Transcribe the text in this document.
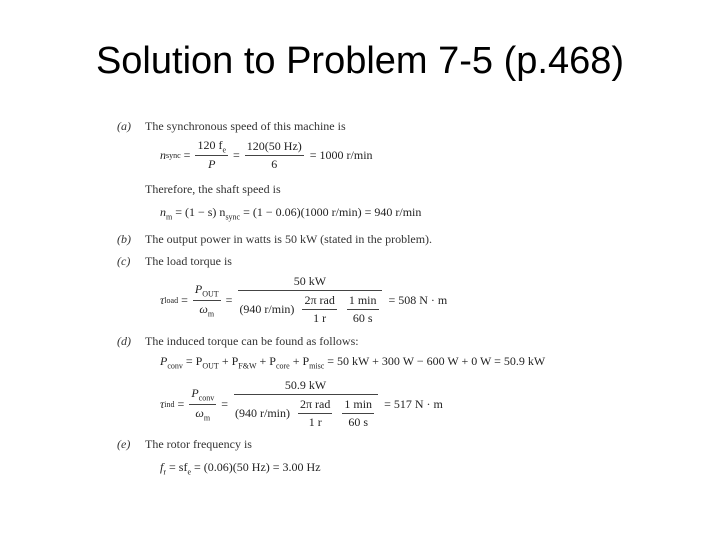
Solution to Problem 7-5 (p.468)
(a) The synchronous speed of this machine is
n sync = $\frac{120 f_e}{P} = \frac{120(50 Hz)}{6} = 1000$ r/min
Therefore, the shaft speed is
$n_m = (1 - s) n_{sync} = (1 - 0.06)(1000$ r/min) = 940 r/min
(b) The output power in watts is 50 kW (stated in the problem).
(c) The load torque is
τ load = $\frac{P_{OUT}}{\omega_m}$ =
50 kW
(940 $r/\min) \frac{\text{2π rad}}{1 r} \frac{1 \min}{60 s} = 508$ N · m
(d) The induced torque can be found as follows:
$P_{conv} = P_{OUT} + P_{F\&W} + P_{core} + P_{misc} = 50$ kW + 300 W − 600 W + 0 W = 50.9 kW
τ ind = $\frac{P_{conv}}{\omega_m}$ =
50.9 kW
(940 $r/\min) \frac{\text{2π rad}}{1 r} \frac{1 \min}{60 s} = 517$ N · m
(e) The rotor frequency is
$f_r = sf_e = (0.06)(50$ Hz) = 3.00 Hz
